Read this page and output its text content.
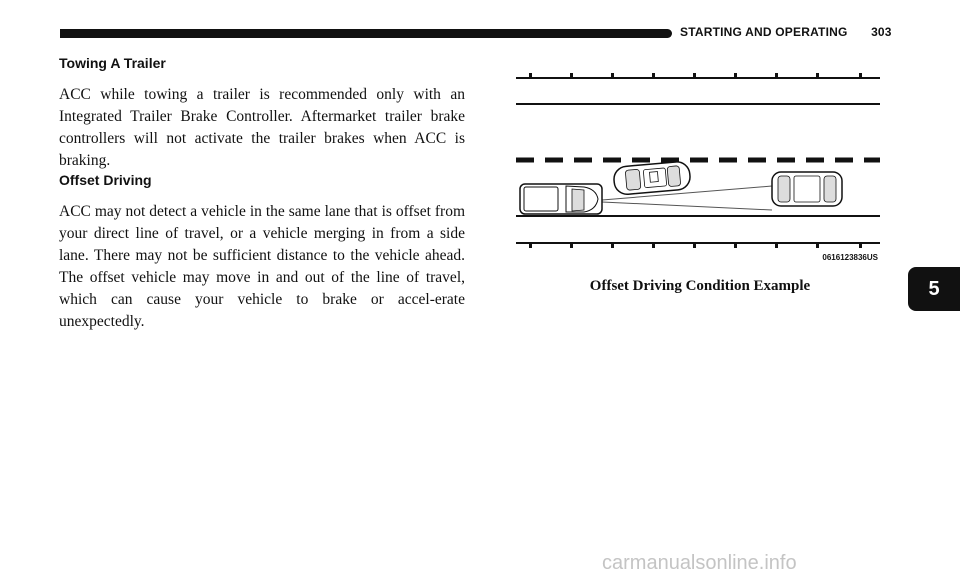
STARTING AND OPERATING 303
Towing A Trailer

ACC while towing a trailer is recommended only with an Integrated Trailer Brake Controller. Aftermarket trailer brake controllers will not activate the trailer brakes when ACC is braking.

Offset Driving

ACC may not detect a vehicle in the same lane that is offset from your direct line of travel, or a vehicle merging in from a side lane. There may not be sufficient distance to the vehicle ahead. The offset vehicle may move in and out of the line of travel, which can cause your vehicle to brake or accel-erate unexpectedly.

0616123836US
Offset Driving Condition Example	5
carmanualsonline.info
